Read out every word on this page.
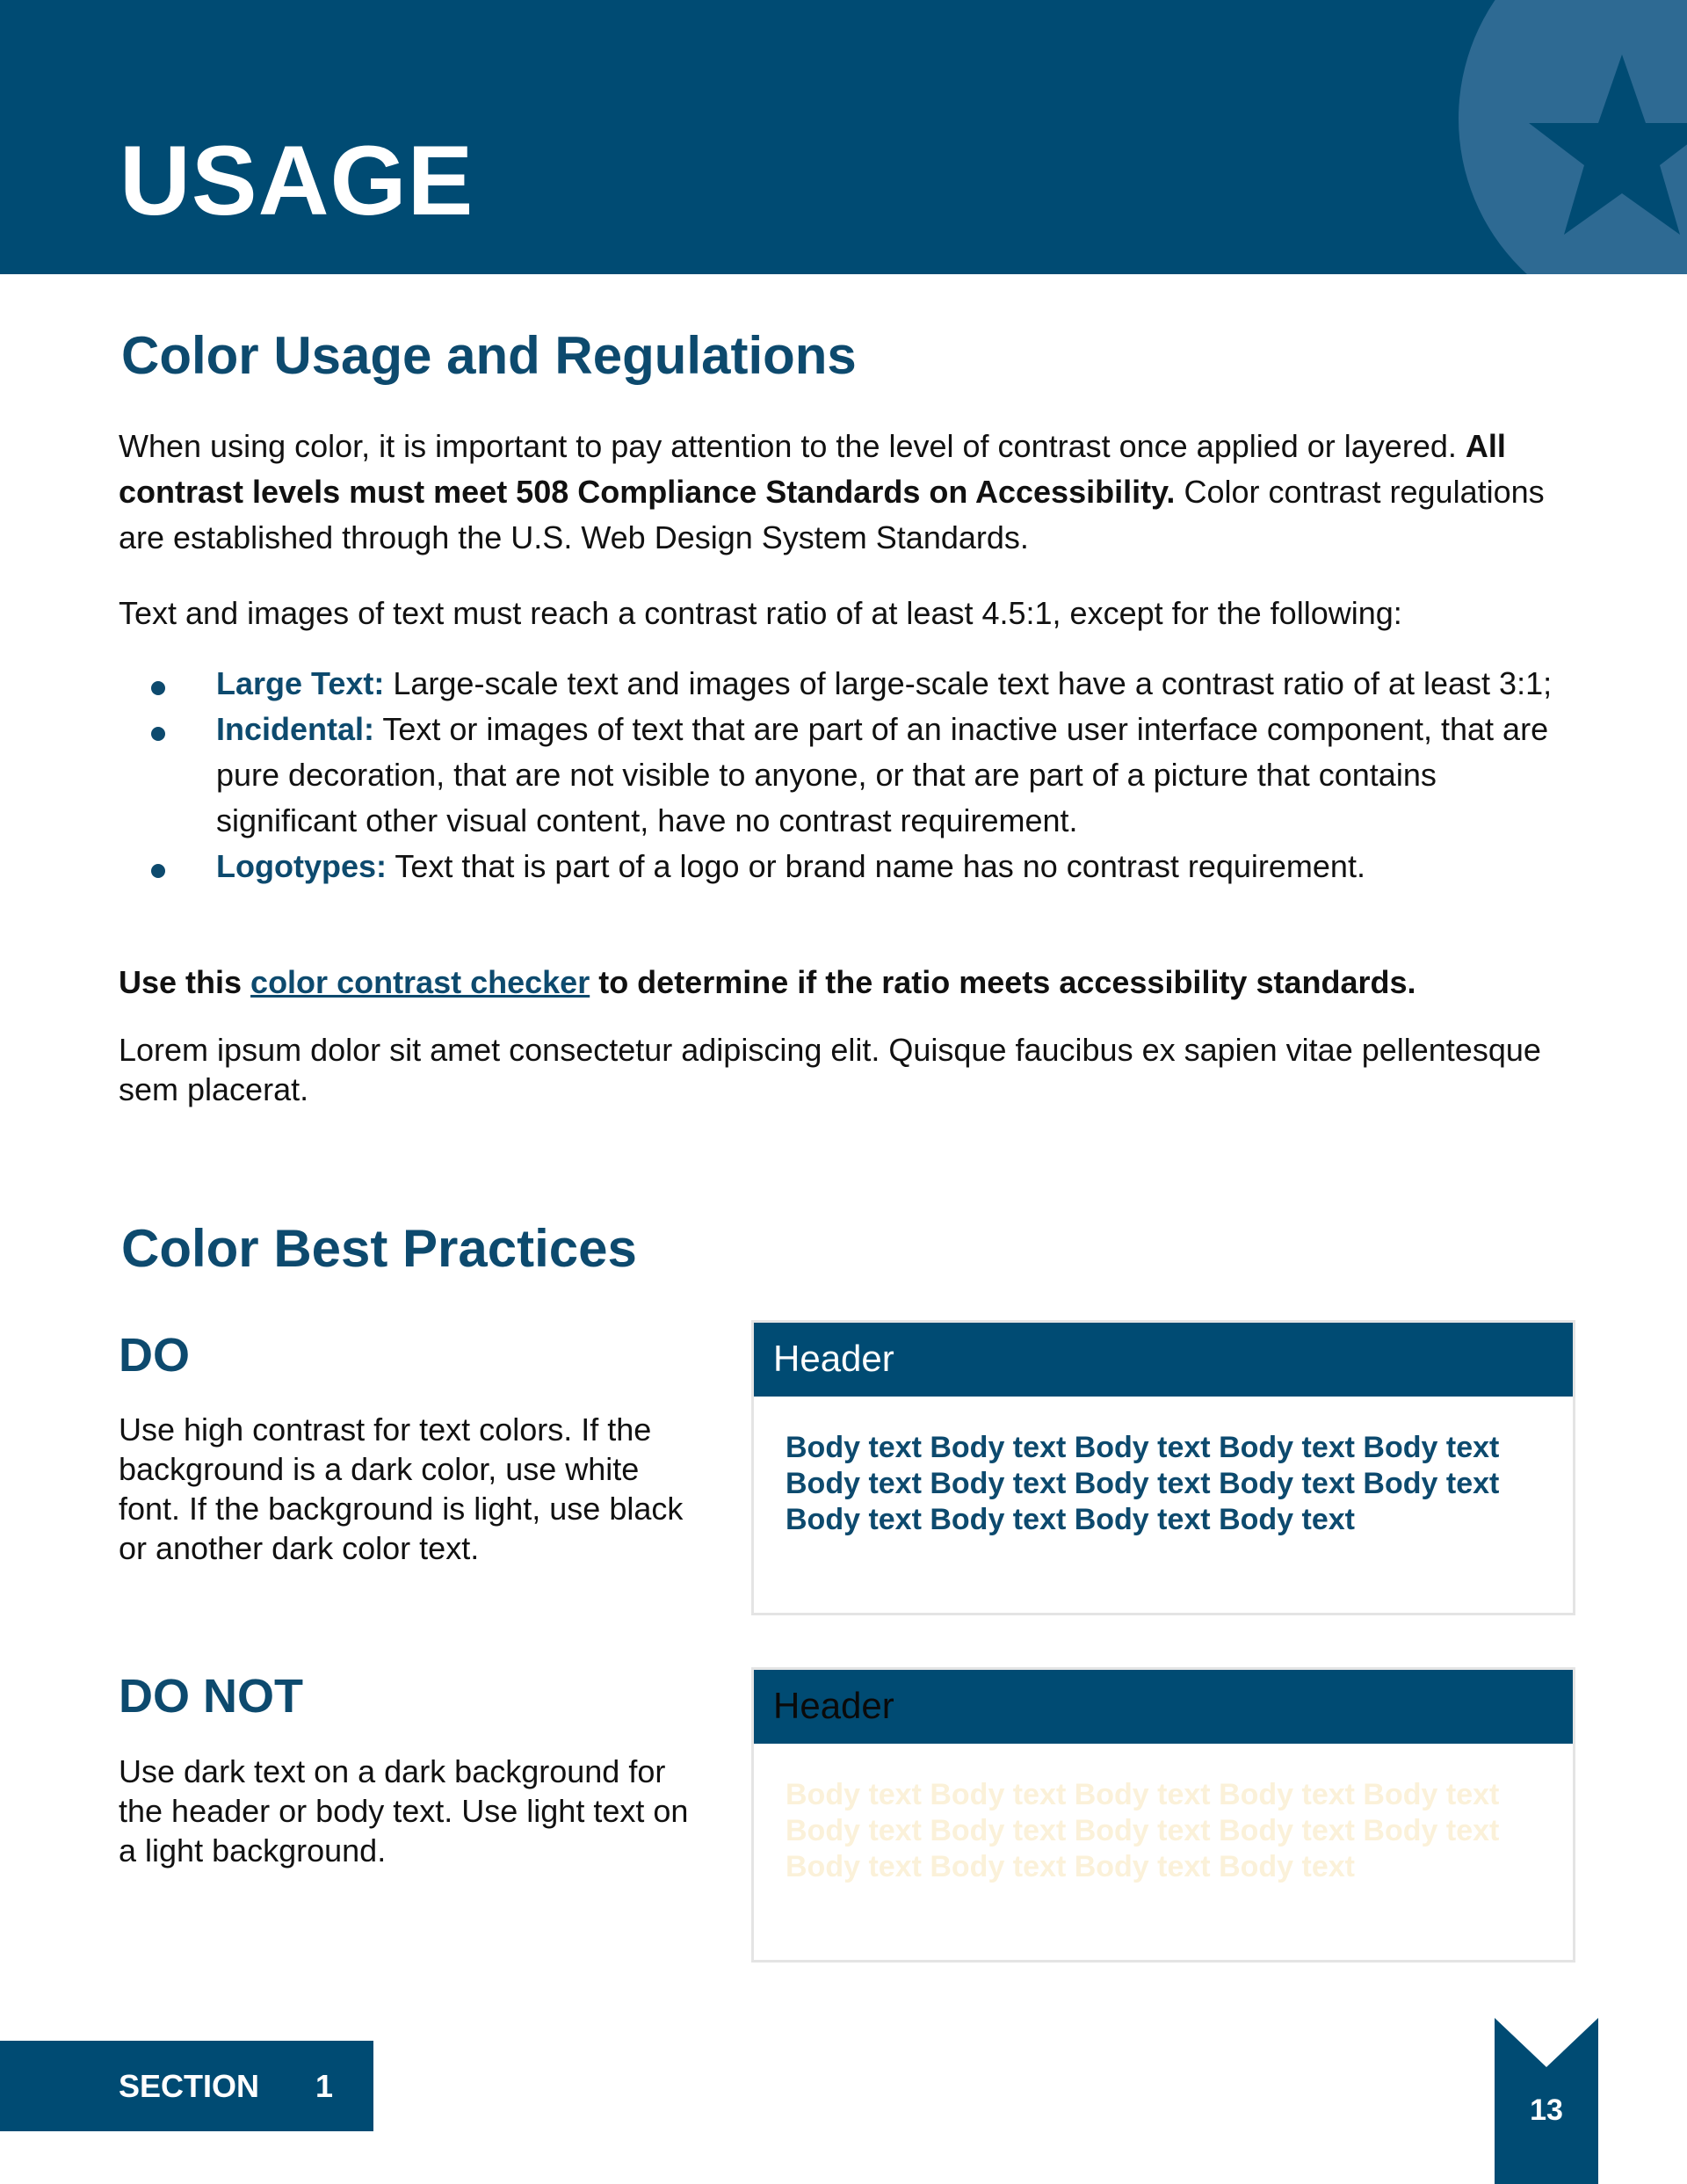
USAGE
Color Usage and Regulations

When using color, it is important to pay attention to the level of contrast once applied or layered. All contrast levels must meet 508 Compliance Standards on Accessibility. Color contrast regulations are established through the U.S. Web Design System Standards.

Text and images of text must reach a contrast ratio of at least 4.5:1, except for the following:

Large Text: Large-scale text and images of large-scale text have a contrast ratio of at least 3:1;
Incidental: Text or images of text that are part of an inactive user interface component, that are pure decoration, that are not visible to anyone, or that are part of a picture that contains significant other visual content, have no contrast requirement.
Logotypes: Text that is part of a logo or brand name has no contrast requirement.

Use this color contrast checker to determine if the ratio meets accessibility standards.

Lorem ipsum dolor sit amet consectetur adipiscing elit. Quisque faucibus ex sapien vitae pellentesque sem placerat.

Color Best Practices
DO

Use high contrast for text colors. If the background is a dark color, use white font. If the background is light, use black or another dark color text.

Header
Body text Body text Body text Body text Body text Body text Body text Body text Body text Body text Body text Body text Body text Body text
DO NOT

Use dark text on a dark background for the header or body text. Use light text on a light background.

Header
Body text Body text Body text Body text Body text Body text Body text Body text Body text Body text Body text Body text Body text Body text
SECTION 1
13
